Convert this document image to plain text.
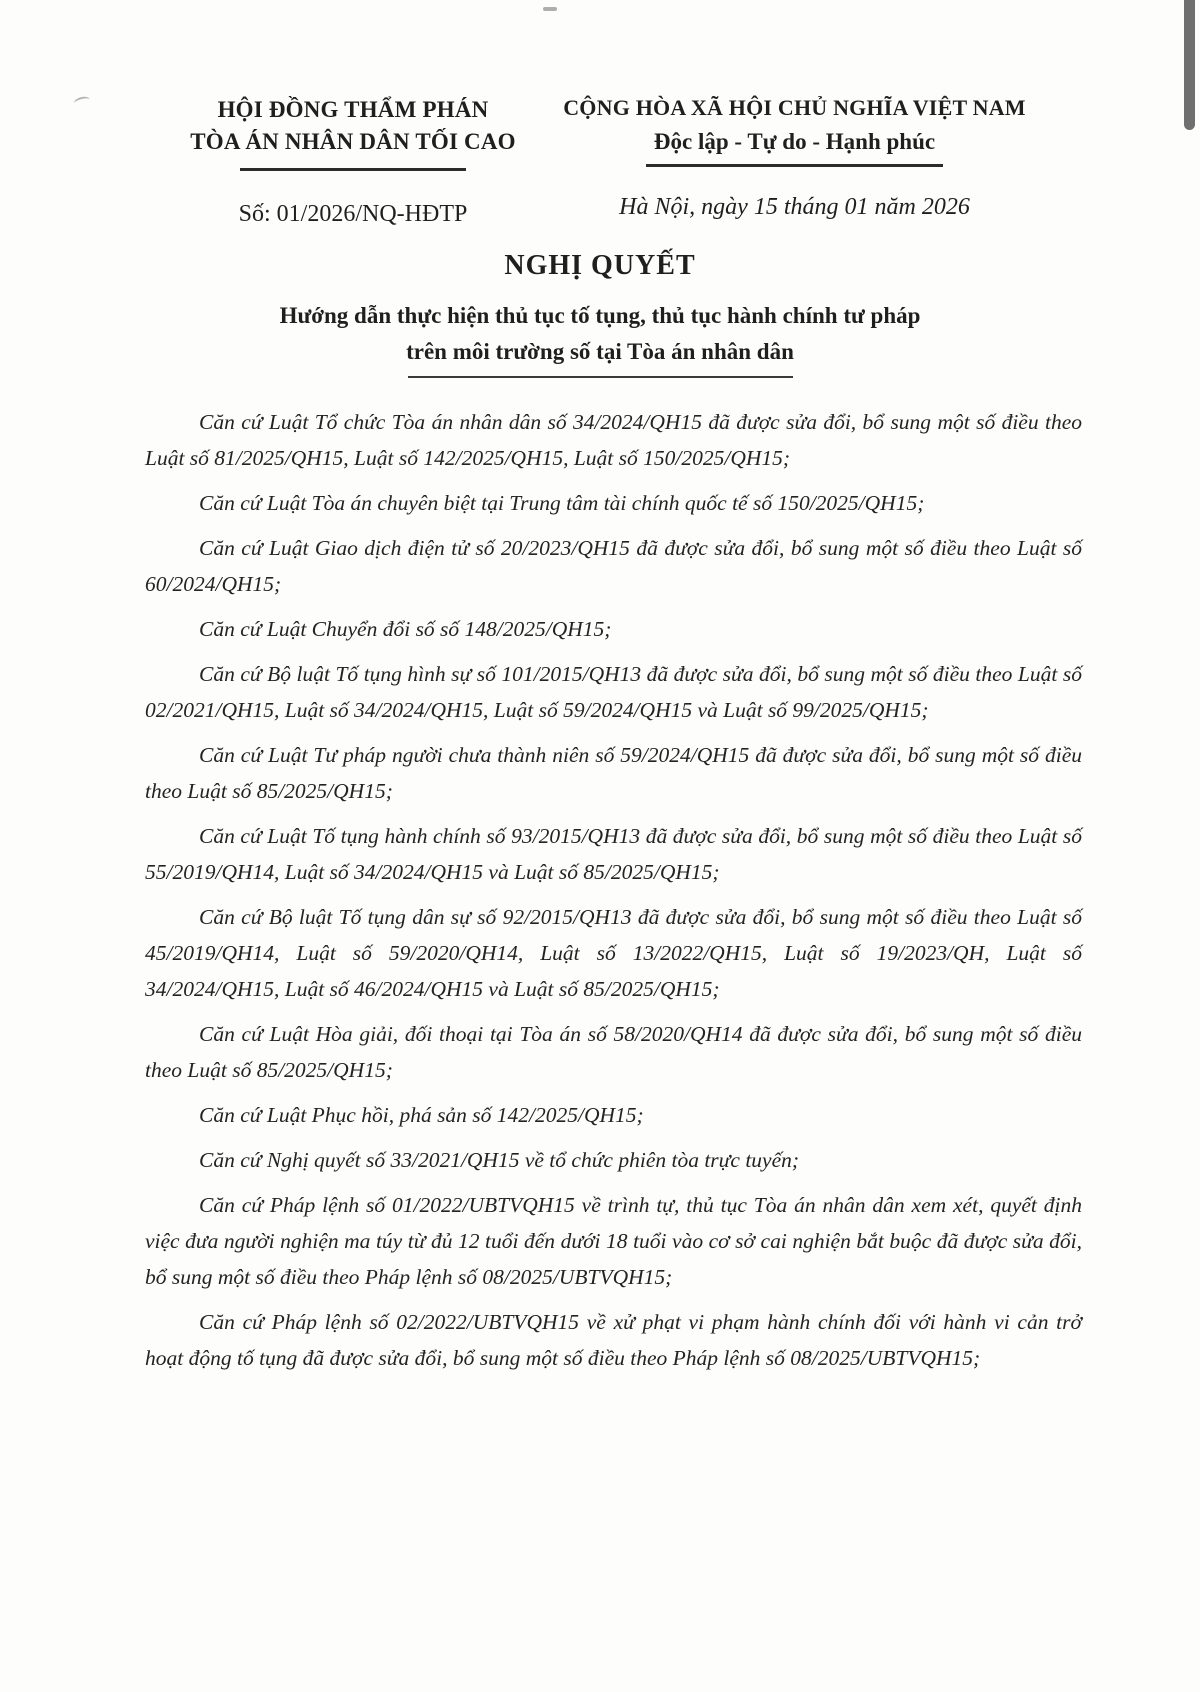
HỘI ĐỒNG THẨM PHÁN
TÒA ÁN NHÂN DÂN TỐI CAO
Số: 01/2026/NQ-HĐTP
CỘNG HÒA XÃ HỘI CHỦ NGHĨA VIỆT NAM
Độc lập - Tự do - Hạnh phúc
Hà Nội, ngày 15 tháng 01 năm 2026
NGHỊ QUYẾT
Hướng dẫn thực hiện thủ tục tố tụng, thủ tục hành chính tư pháp
trên môi trường số tại Tòa án nhân dân

Căn cứ Luật Tổ chức Tòa án nhân dân số 34/2024/QH15 đã được sửa đổi, bổ sung một số điều theo Luật số 81/2025/QH15, Luật số 142/2025/QH15, Luật số 150/2025/QH15;

Căn cứ Luật Tòa án chuyên biệt tại Trung tâm tài chính quốc tế số 150/2025/QH15;

Căn cứ Luật Giao dịch điện tử số 20/2023/QH15 đã được sửa đổi, bổ sung một số điều theo Luật số 60/2024/QH15;

Căn cứ Luật Chuyển đổi số số 148/2025/QH15;

Căn cứ Bộ luật Tố tụng hình sự số 101/2015/QH13 đã được sửa đổi, bổ sung một số điều theo Luật số 02/2021/QH15, Luật số 34/2024/QH15, Luật số 59/2024/QH15 và Luật số 99/2025/QH15;

Căn cứ Luật Tư pháp người chưa thành niên số 59/2024/QH15 đã được sửa đổi, bổ sung một số điều theo Luật số 85/2025/QH15;

Căn cứ Luật Tố tụng hành chính số 93/2015/QH13 đã được sửa đổi, bổ sung một số điều theo Luật số 55/2019/QH14, Luật số 34/2024/QH15 và Luật số 85/2025/QH15;

Căn cứ Bộ luật Tố tụng dân sự số 92/2015/QH13 đã được sửa đổi, bổ sung một số điều theo Luật số 45/2019/QH14, Luật số 59/2020/QH14, Luật số 13/2022/QH15, Luật số 19/2023/QH, Luật số 34/2024/QH15, Luật số 46/2024/QH15 và Luật số 85/2025/QH15;

Căn cứ Luật Hòa giải, đối thoại tại Tòa án số 58/2020/QH14 đã được sửa đổi, bổ sung một số điều theo Luật số 85/2025/QH15;

Căn cứ Luật Phục hồi, phá sản số 142/2025/QH15;

Căn cứ Nghị quyết số 33/2021/QH15 về tổ chức phiên tòa trực tuyến;

Căn cứ Pháp lệnh số 01/2022/UBTVQH15 về trình tự, thủ tục Tòa án nhân dân xem xét, quyết định việc đưa người nghiện ma túy từ đủ 12 tuổi đến dưới 18 tuổi vào cơ sở cai nghiện bắt buộc đã được sửa đổi, bổ sung một số điều theo Pháp lệnh số 08/2025/UBTVQH15;

Căn cứ Pháp lệnh số 02/2022/UBTVQH15 về xử phạt vi phạm hành chính đối với hành vi cản trở hoạt động tố tụng đã được sửa đổi, bổ sung một số điều theo Pháp lệnh số 08/2025/UBTVQH15;
